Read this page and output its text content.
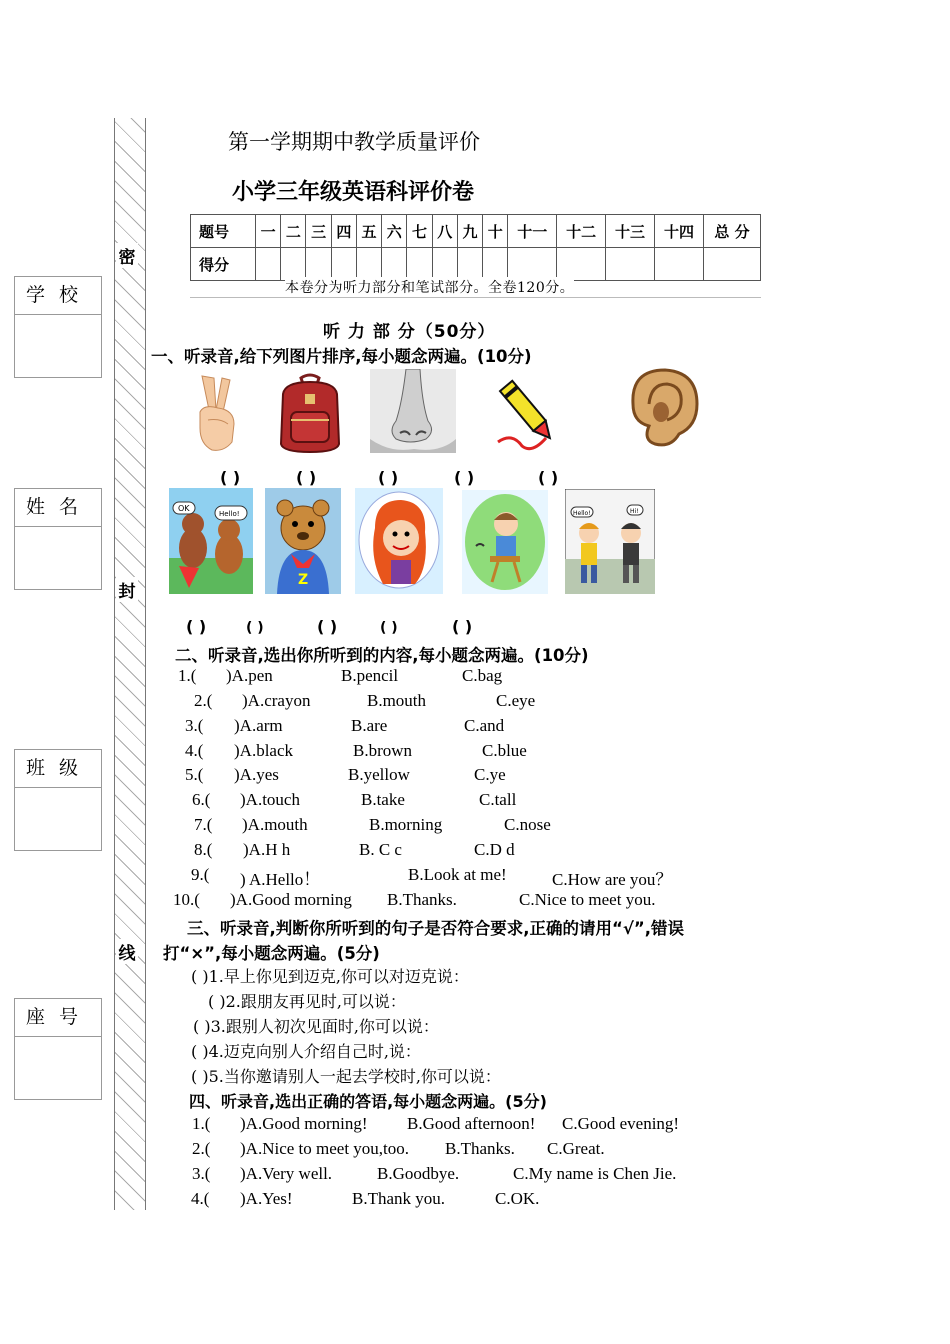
学 校
姓 名
班 级
座 号
密
封
线
第一学期期中教学质量评价
小学三年级英语科评价卷
题号	一	二	三	四	五	六	七	八	九	十	十一	十二	十三	十四	总 分
得分															
本卷分为听力部分和笔试部分。全卷120分。
听 力 部 分（50分）
一、听录音,给下列图片排序,每小题念两遍。(10分)
( )	( )	( )	( )	( )
OK
Hello!
Z
Hello!	Hi!
( )	( )	( )	( )	( )
二、听录音,选出你所听到的内容,每小题念两遍。(10分)
1.( )A.pen	B.pencil	C.bag
2.( )A.crayon	B.mouth	C.eye
3.( )A.arm	B.are	C.and
4.( )A.black	B.brown	C.blue
5.( )A.yes	B.yellow	C.ye
6.( )A.touch	B.take	C.tall
7.( )A.mouth	B.morning	C.nose
8.( )A.H h	B. C c	C.D d
9.( ) A.Hello！	B.Look at me!	C.How are you？
10.( )A.Good morning B.Thanks.	C.Nice to meet you.
三、听录音,判断你所听到的句子是否符合要求,正确的请用“√”,错误
打“×”,每小题念两遍。(5分)
( )1.早上你见到迈克,你可以对迈克说：
( )2.跟朋友再见时,可以说：
( )3.跟别人初次见面时,你可以说：
( )4.迈克向别人介绍自己时,说：
( )5.当你邀请别人一起去学校时,你可以说：
四、听录音,选出正确的答语,每小题念两遍。(5分)
1.( )A.Good morning! B.Good afternoon! C.Good evening!
2.( )A.Nice to meet you,too. B.Thanks. C.Great.
3.( )A.Very well.	B.Goodbye.	C.My name is Chen Jie.
4.( )A.Yes!	B.Thank you.	C.OK.
